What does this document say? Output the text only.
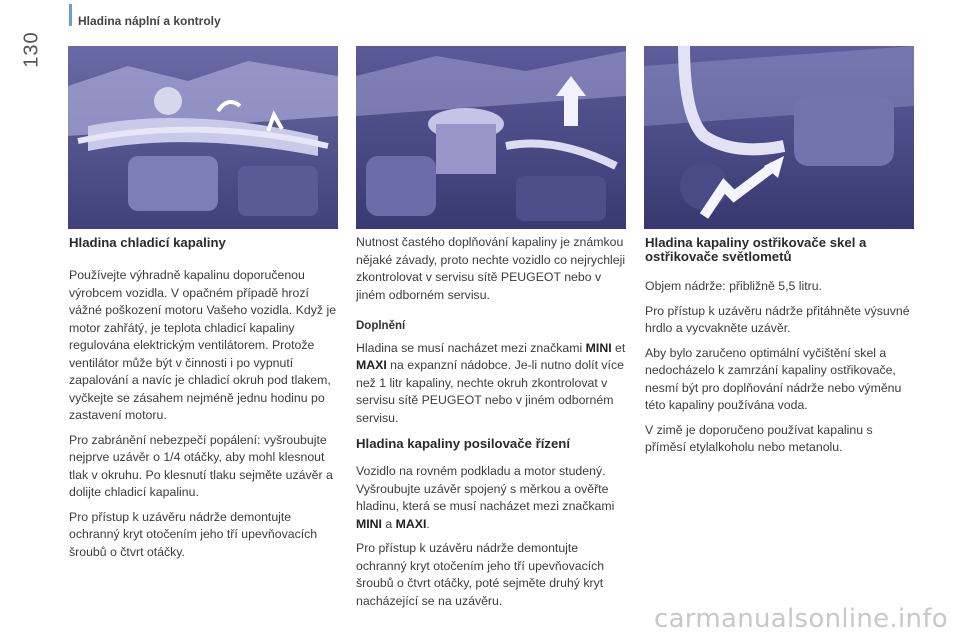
130
Hladina náplní a kontroly
Hladina chladicí kapaliny

Používejte výhradně kapalinu doporučenou výrobcem vozidla. V opačném případě hrozí vážné poškození motoru Vašeho vozidla. Když je motor zahřátý, je teplota chladicí kapaliny regulována elektrickým ventilátorem. Protože ventilátor může být v činnosti i po vypnutí zapalování a navíc je chladicí okruh pod tlakem, vyčkejte se zásahem nejméně jednu hodinu po zastavení motoru.

Pro zabránění nebezpečí popálení: vyšroubujte nejprve uzávěr o 1/4 otáčky, aby mohl klesnout tlak v okruhu. Po klesnutí tlaku sejměte uzávěr a dolijte chladicí kapalinu.

Pro přístup k uzávěru nádrže demontujte ochranný kryt otočením jeho tří upevňovacích šroubů o čtvrt otáčky.

Nutnost častého doplňování kapaliny je známkou nějaké závady, proto nechte vozidlo co nejrychleji zkontrolovat v servisu sítě PEUGEOT nebo v jiném odborném servisu.

Doplnění

Hladina se musí nacházet mezi značkami MINI et MAXI na expanzní nádobce. Je-li nutno dolít více než 1 litr kapaliny, nechte okruh zkontrolovat v servisu sítě PEUGEOT nebo v jiném odborném servisu.

Hladina kapaliny posilovače řízení

Vozidlo na rovném podkladu a motor studený. Vyšroubujte uzávěr spojený s měrkou a ověřte hladinu, která se musí nacházet mezi značkami MINI a MAXI.

Pro přístup k uzávěru nádrže demontujte ochranný kryt otočením jeho tří upevňovacích šroubů o čtvrt otáčky, poté sejměte druhý kryt nacházející se na uzávěru.

Hladina kapaliny ostřikovače skel a ostřikovače světlometů

Objem nádrže: přibližně 5,5 litru.

Pro přístup k uzávěru nádrže přitáhněte výsuvné hrdlo a vycvakněte uzávěr.

Aby bylo zaručeno optimální vyčištění skel a nedocházelo k zamrzání kapaliny ostřikovače, nesmí být pro doplňování nádrže nebo výměnu této kapaliny používána voda.

V zimě je doporučeno používat kapalinu s příměsí etylalkoholu nebo metanolu.

carmanualsonline.info
